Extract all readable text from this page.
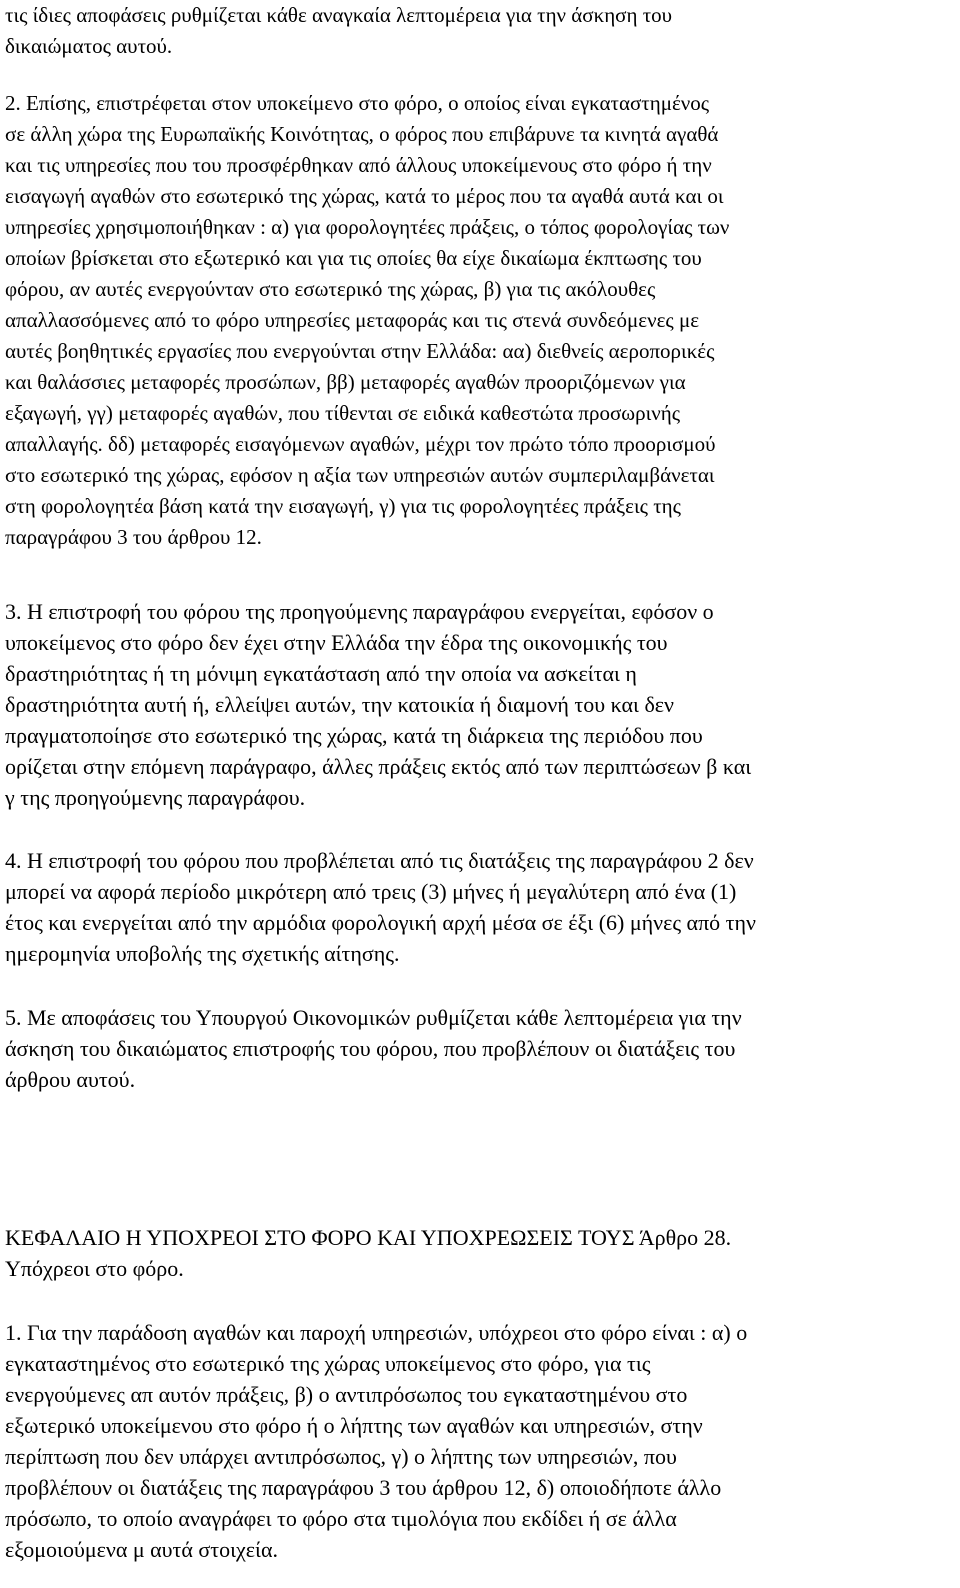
τις ίδιες αποφάσεις ρυθμίζεται κάθε αναγκαία λεπτομέρεια για την άσκηση του
δικαιώματος αυτού.
2. Επίσης, επιστρέφεται στον υποκείμενο στο φόρο, ο οποίος είναι εγκαταστημένος
σε άλλη χώρα της Ευρωπαϊκής Κοινότητας, ο φόρος που επιβάρυνε τα κινητά αγαθά
και τις υπηρεσίες που του προσφέρθηκαν από άλλους υποκείμενους στο φόρο ή την
εισαγωγή αγαθών στο εσωτερικό της χώρας, κατά το μέρος που τα αγαθά αυτά και οι
υπηρεσίες χρησιμοποιήθηκαν : α) για φορολογητέες πράξεις, ο τόπος φορολογίας των
οποίων βρίσκεται στο εξωτερικό και για τις οποίες θα είχε δικαίωμα έκπτωσης του
φόρου, αν αυτές ενεργούνταν στο εσωτερικό της χώρας, β) για τις ακόλουθες
απαλλασσόμενες από το φόρο υπηρεσίες μεταφοράς και τις στενά συνδεόμενες με
αυτές βοηθητικές εργασίες που ενεργούνται στην Ελλάδα: αα) διεθνείς αεροπορικές
και θαλάσσιες μεταφορές προσώπων, ββ) μεταφορές αγαθών προοριζόμενων για
εξαγωγή, γγ) μεταφορές αγαθών, που τίθενται σε ειδικά καθεστώτα προσωρινής
απαλλαγής. δδ) μεταφορές εισαγόμενων αγαθών, μέχρι τον πρώτο τόπο προορισμού
στο εσωτερικό της χώρας, εφόσον η αξία των υπηρεσιών αυτών συμπεριλαμβάνεται
στη φορολογητέα βάση κατά την εισαγωγή, γ) για τις φορολογητέες πράξεις της
παραγράφου 3 του άρθρου 12.
3. Η επιστροφή του φόρου της προηγούμενης παραγράφου ενεργείται, εφόσον ο
υποκείμενος στο φόρο δεν έχει στην Ελλάδα την έδρα της οικονομικής του
δραστηριότητας ή τη μόνιμη εγκατάσταση από την οποία να ασκείται η
δραστηριότητα αυτή ή, ελλείψει αυτών, την κατοικία ή διαμονή του και δεν
πραγματοποίησε στο εσωτερικό της χώρας, κατά τη διάρκεια της περιόδου που
ορίζεται στην επόμενη παράγραφο, άλλες πράξεις εκτός από των περιπτώσεων β και
γ της προηγούμενης παραγράφου.
4. Η επιστροφή του φόρου που προβλέπεται από τις διατάξεις της παραγράφου 2 δεν
μπορεί να αφορά περίοδο μικρότερη από τρεις (3) μήνες ή μεγαλύτερη από ένα (1)
έτος και ενεργείται από την αρμόδια φορολογική αρχή μέσα σε έξι (6) μήνες από την
ημερομηνία υποβολής της σχετικής αίτησης.
5. Με αποφάσεις του Υπουργού Οικονομικών ρυθμίζεται κάθε λεπτομέρεια για την
άσκηση του δικαιώματος επιστροφής του φόρου, που προβλέπουν οι διατάξεις του
άρθρου αυτού.
ΚΕΦΑΛΑΙΟ Η ΥΠΟΧΡΕΟΙ ΣΤΟ ΦΟΡΟ ΚΑΙ ΥΠΟΧΡΕΩΣΕΙΣ ΤΟΥΣ Άρθρο 28.
Υπόχρεοι στο φόρο.
1. Για την παράδοση αγαθών και παροχή υπηρεσιών, υπόχρεοι στο φόρο είναι : α) ο
εγκαταστημένος στο εσωτερικό της χώρας υποκείμενος στο φόρο, για τις
ενεργούμενες απ αυτόν πράξεις, β) ο αντιπρόσωπος του εγκαταστημένου στο
εξωτερικό υποκείμενου στο φόρο ή ο λήπτης των αγαθών και υπηρεσιών, στην
περίπτωση που δεν υπάρχει αντιπρόσωπος, γ) ο λήπτης των υπηρεσιών, που
προβλέπουν οι διατάξεις της παραγράφου 3 του άρθρου 12, δ) οποιοδήποτε άλλο
πρόσωπο, το οποίο αναγράφει το φόρο στα τιμολόγια που εκδίδει ή σε άλλα
εξομοιούμενα μ αυτά στοιχεία.
